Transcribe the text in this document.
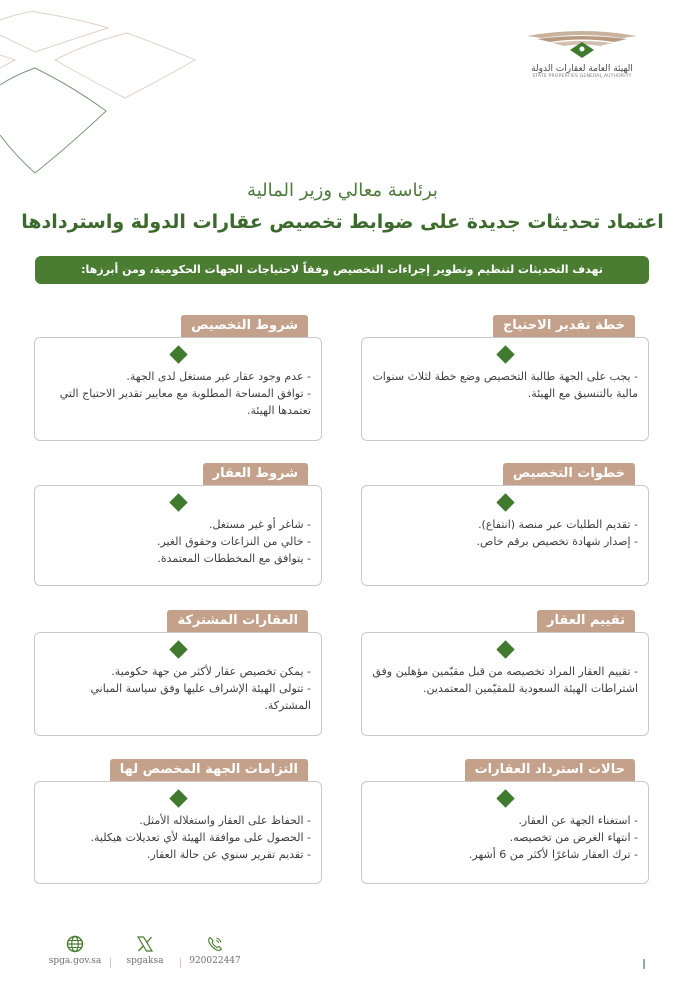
الهيئة العامة لعقارات الدولة
STATE PROPERTIES GENERAL AUTHORITY
برئاسة معالي وزير المالية
اعتماد تحديثات جديدة على ضوابط تخصيص عقارات الدولة واستردادها
تهدف التحديثات لتنظيم وتطوير إجراءات التخصيص وفقاً لاحتياجات الجهات الحكومية، ومن أبرزها:
خطة تقدير الاحتياج
- يجب على الجهة طالبة التخصيص وضع خطة لثلاث سنوات مالية بالتنسيق مع الهيئة.
شروط التخصيص
- عدم وجود عقار غير مستغل لدى الجهة.
- توافق المساحة المطلوبة مع معايير تقدير الاحتياج التي تعتمدها الهيئة.
خطوات التخصيص
- تقديم الطلبات عبر منصة (انتفاع).
- إصدار شهادة تخصيص برقم خاص.
شروط العقار
- شاغر أو غير مستغل.
- خالي من النزاعات وحقوق الغير.
- يتوافق مع المخططات المعتمدة.
تقييم العقار
- تقييم العقار المراد تخصيصه من قبل مقيّمين مؤهلين وفق اشتراطات الهيئة السعودية للمقيّمين المعتمدين.
العقارات المشتركة
- يمكن تخصيص عقار لأكثر من جهة حكومية.
- تتولى الهيئة الإشراف عليها وفق سياسة المباني المشتركة.
حالات استرداد العقارات
- استغناء الجهة عن العقار.
- انتهاء الغرض من تخصيصه.
- ترك العقار شاغرًا لأكثر من 6 أشهر.
التزامات الجهة المخصص لها
- الحفاظ على العقار واستغلاله الأمثل.
- الحصول على موافقة الهيئة لأي تعديلات هيكلية.
- تقديم تقرير سنوي عن حالة العقار.
spga.gov.sa	spgaksa	920022447
